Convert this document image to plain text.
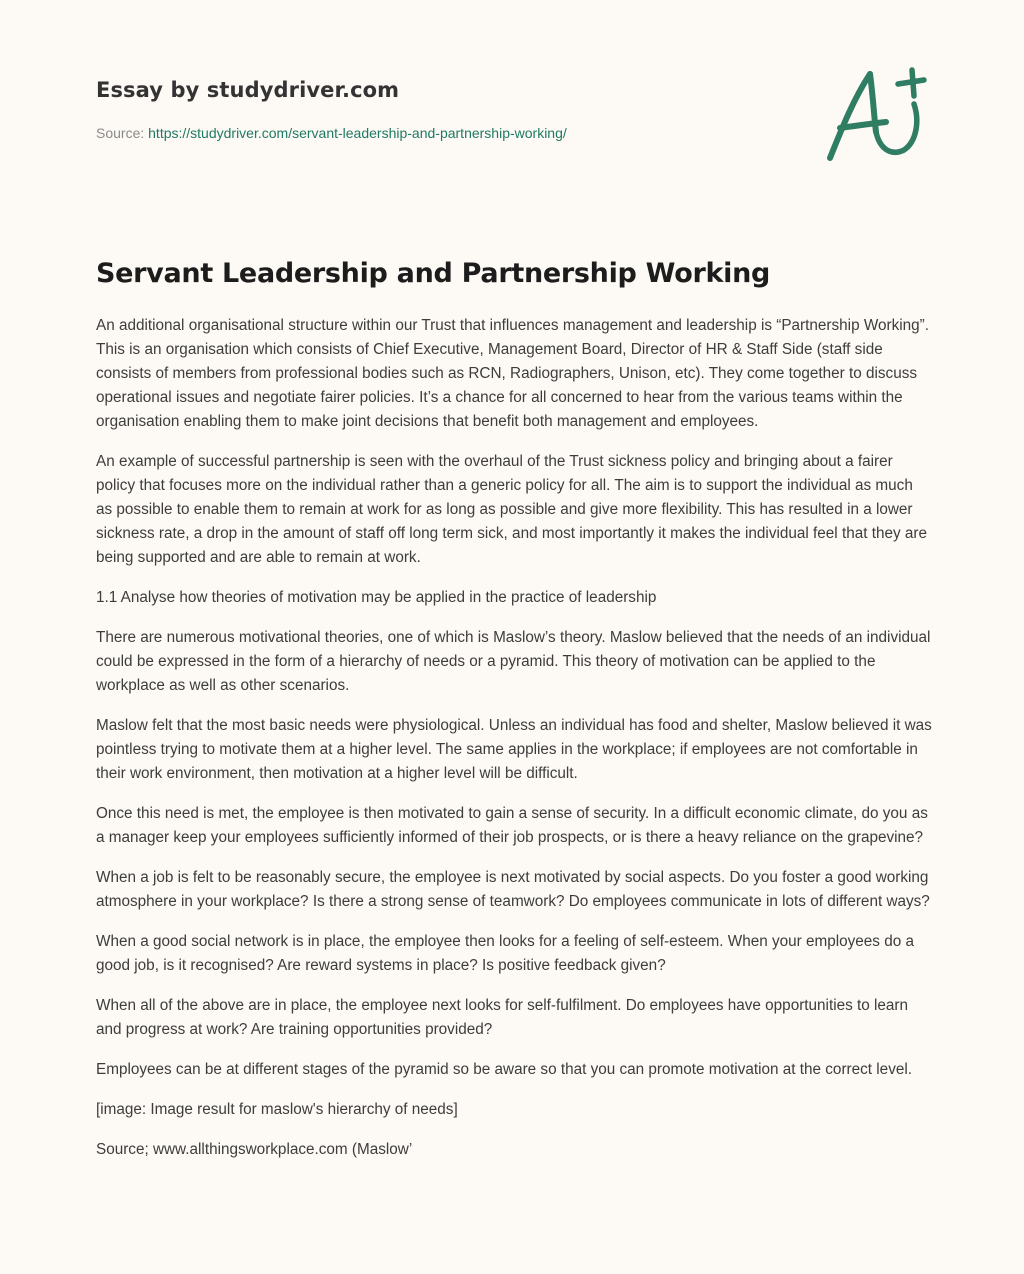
Essay by studydriver.com
Source: https://studydriver.com/servant-leadership-and-partnership-working/
Servant Leadership and Partnership Working

An additional organisational structure within our Trust that influences management and leadership is “Partnership Working”. This is an organisation which consists of Chief Executive, Management Board, Director of HR & Staff Side (staff side consists of members from professional bodies such as RCN, Radiographers, Unison, etc). They come together to discuss operational issues and negotiate fairer policies. It’s a chance for all concerned to hear from the various teams within the organisation enabling them to make joint decisions that benefit both management and employees.

An example of successful partnership is seen with the overhaul of the Trust sickness policy and bringing about a fairer policy that focuses more on the individual rather than a generic policy for all. The aim is to support the individual as much as possible to enable them to remain at work for as long as possible and give more flexibility. This has resulted in a lower sickness rate, a drop in the amount of staff off long term sick, and most importantly it makes the individual feel that they are being supported and are able to remain at work.

1.1 Analyse how theories of motivation may be applied in the practice of leadership

There are numerous motivational theories, one of which is Maslow’s theory. Maslow believed that the needs of an individual could be expressed in the form of a hierarchy of needs or a pyramid. This theory of motivation can be applied to the workplace as well as other scenarios.

Maslow felt that the most basic needs were physiological. Unless an individual has food and shelter, Maslow believed it was pointless trying to motivate them at a higher level. The same applies in the workplace; if employees are not comfortable in their work environment, then motivation at a higher level will be difficult.

Once this need is met, the employee is then motivated to gain a sense of security. In a difficult economic climate, do you as a manager keep your employees sufficiently informed of their job prospects, or is there a heavy reliance on the grapevine?

When a job is felt to be reasonably secure, the employee is next motivated by social aspects. Do you foster a good working atmosphere in your workplace? Is there a strong sense of teamwork? Do employees communicate in lots of different ways?

When a good social network is in place, the employee then looks for a feeling of self-esteem. When your employees do a good job, is it recognised? Are reward systems in place? Is positive feedback given?

When all of the above are in place, the employee next looks for self-fulfilment. Do employees have opportunities to learn and progress at work? Are training opportunities provided?

Employees can be at different stages of the pyramid so be aware so that you can promote motivation at the correct level.

[image: Image result for maslow's hierarchy of needs]

Source; www.allthingsworkplace.com (Maslow’
